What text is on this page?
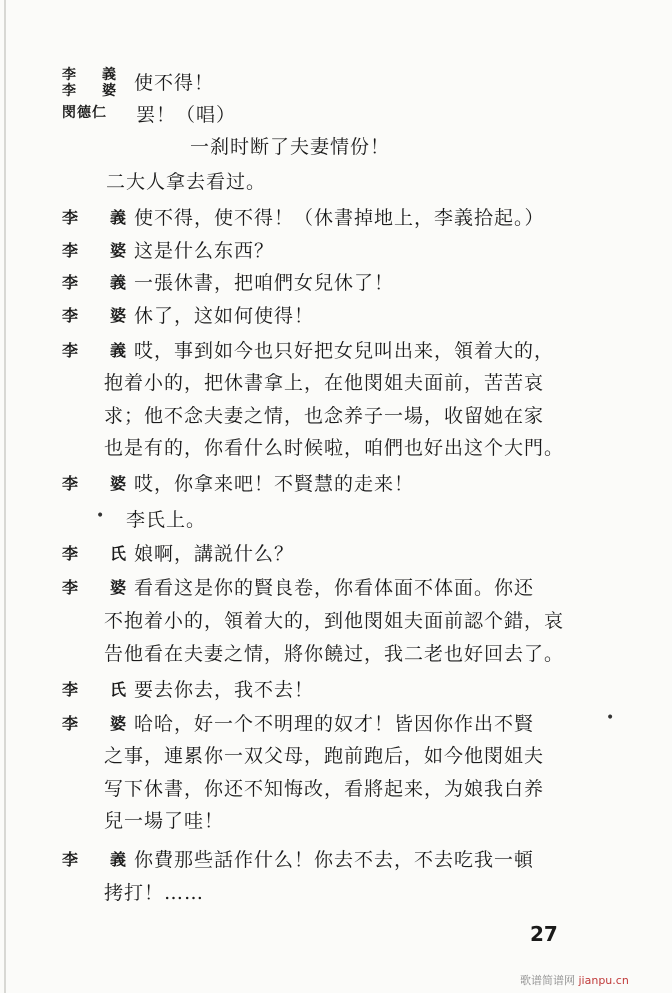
李　義 使不得！
李　婆
閔德仁 罢！（唱）
一刹时断了夫妻情份！
二大人拿去看过。
李　義 使不得，使不得！（休書掉地上，李義拾起。）
李　婆 这是什么东西？
李　義 一張休書，把咱們女兒休了！
李　婆 休了，这如何使得！
李　義 哎，事到如今也只好把女兒叫出来，領着大的，
抱着小的，把休書拿上，在他閔姐夫面前，苦苦哀
求；他不念夫妻之情，也念养子一場，收留她在家
也是有的，你看什么时候啦，咱們也好出这个大門。
李　婆 哎，你拿来吧！不賢慧的走来！
• 李氏上。
李　氏 娘啊，講説什么？
李　婆 看看这是你的賢良卷，你看体面不体面。你还
不抱着小的，領着大的，到他閔姐夫面前認个錯，哀
告他看在夫妻之情，將你饒过，我二老也好回去了。
李　氏 要去你去，我不去！
李　婆 哈哈，好一个不明理的奴才！皆因你作出不賢	•
之事，連累你一双父母，跑前跑后，如今他閔姐夫
写下休書，你还不知悔改，看將起来，为娘我白养
兒一場了哇！
李　義 你費那些話作什么！你去不去，不去吃我一頓
拷打！……
27
歌谱简谱网 jianpu.cn
